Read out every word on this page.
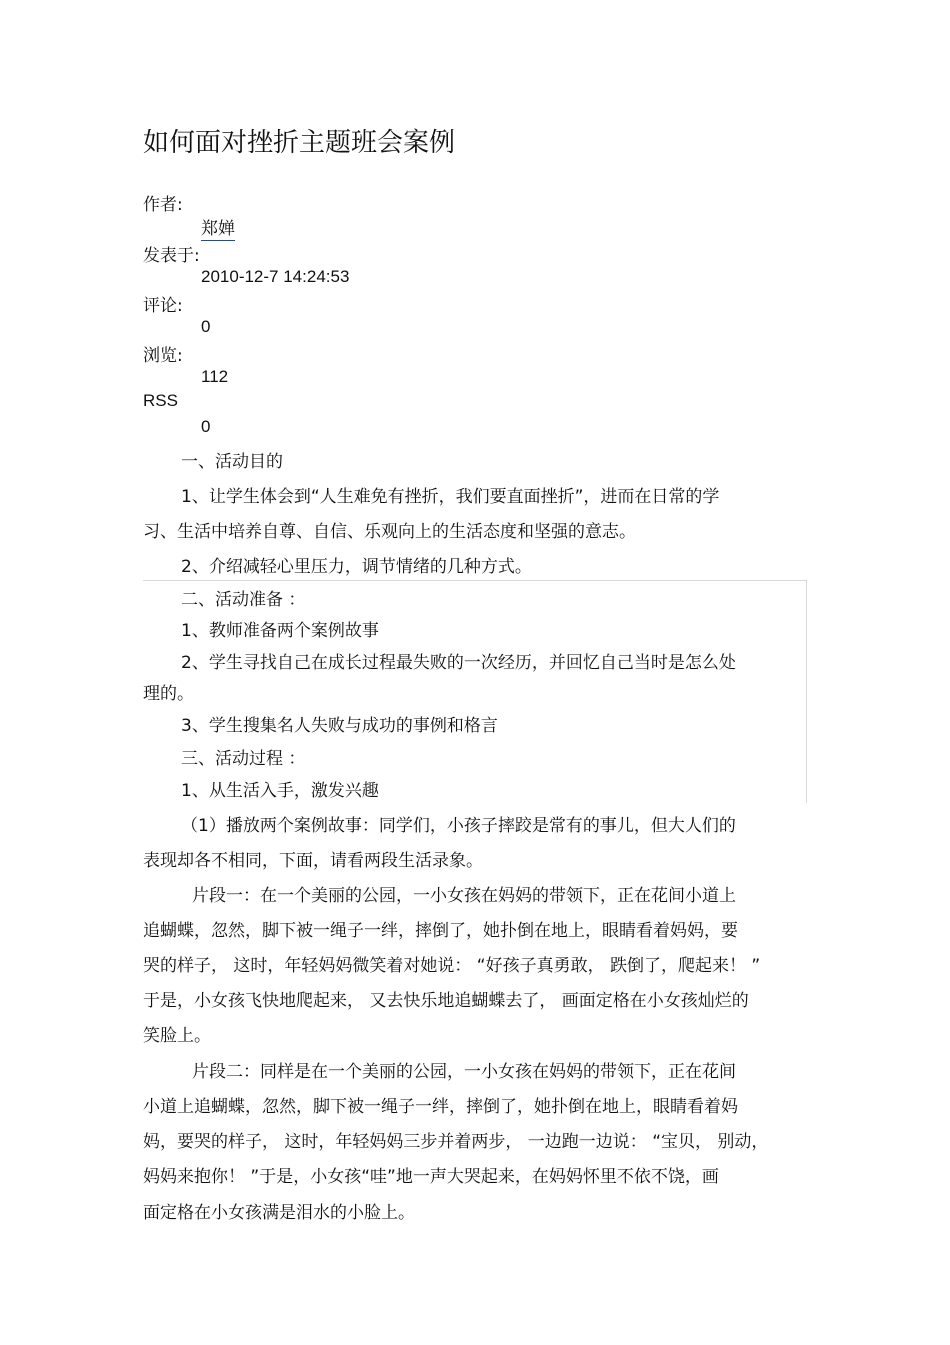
如何面对挫折主题班会案例
作者:
郑婵
发表于:
2010-12-7 14:24:53
评论:
0
浏览:
112
RSS
0
一、活动目的
1、让学生体会到“人生难免有挫折，我们要直面挫折”，进而在日常的学
习、生活中培养自尊、自信、乐观向上的生活态度和坚强的意志。
2、介绍减轻心里压力，调节情绪的几种方式。
二、活动准备 ：
1、教师准备两个案例故事
2、学生寻找自己在成长过程最失败的一次经历，并回忆自己当时是怎么处
理的。
3、学生搜集名人失败与成功的事例和格言
三、活动过程 ：
1、从生活入手，激发兴趣
（1）播放两个案例故事：同学们，小孩子摔跤是常有的事儿，但大人们的
表现却各不相同，下面，请看两段生活录象。
片段一：在一个美丽的公园，一小女孩在妈妈的带领下，正在花间小道上
追蝴蝶，忽然，脚下被一绳子一绊，摔倒了，她扑倒在地上，眼睛看着妈妈，要
哭的样子， 这时，年轻妈妈微笑着对她说： “好孩子真勇敢， 跌倒了，爬起来！ ”
于是，小女孩飞快地爬起来， 又去快乐地追蝴蝶去了， 画面定格在小女孩灿烂的
笑脸上。
片段二：同样是在一个美丽的公园，一小女孩在妈妈的带领下，正在花间
小道上追蝴蝶，忽然，脚下被一绳子一绊，摔倒了，她扑倒在地上，眼睛看着妈
妈，要哭的样子， 这时，年轻妈妈三步并着两步， 一边跑一边说： “宝贝， 别动，
妈妈来抱你！ ”于是，小女孩“哇”地一声大哭起来，在妈妈怀里不依不饶，画
面定格在小女孩满是泪水的小脸上。
